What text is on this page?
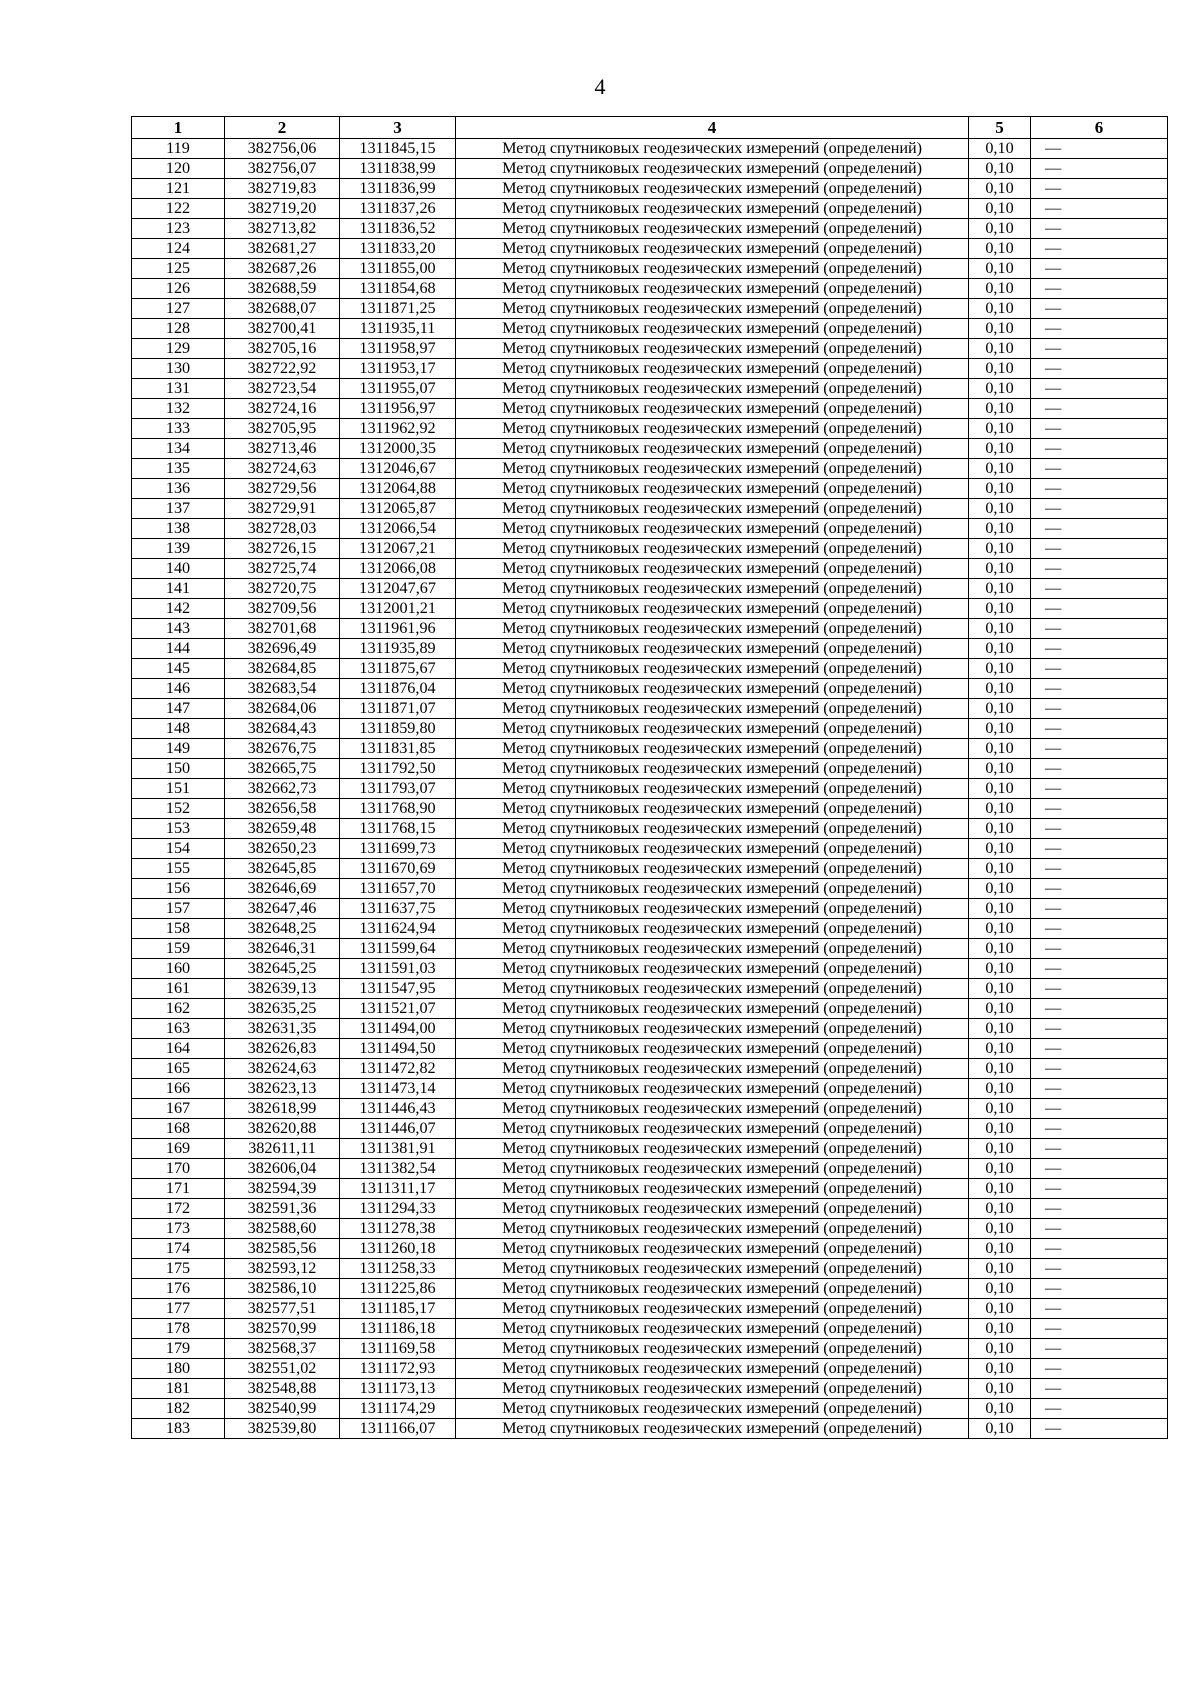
4
1	2	3	4	5	6
119	382756,06	1311845,15	Метод спутниковых геодезических измерений (определений)	0,10	—
120	382756,07	1311838,99	Метод спутниковых геодезических измерений (определений)	0,10	—
121	382719,83	1311836,99	Метод спутниковых геодезических измерений (определений)	0,10	—
122	382719,20	1311837,26	Метод спутниковых геодезических измерений (определений)	0,10	—
123	382713,82	1311836,52	Метод спутниковых геодезических измерений (определений)	0,10	—
124	382681,27	1311833,20	Метод спутниковых геодезических измерений (определений)	0,10	—
125	382687,26	1311855,00	Метод спутниковых геодезических измерений (определений)	0,10	—
126	382688,59	1311854,68	Метод спутниковых геодезических измерений (определений)	0,10	—
127	382688,07	1311871,25	Метод спутниковых геодезических измерений (определений)	0,10	—
128	382700,41	1311935,11	Метод спутниковых геодезических измерений (определений)	0,10	—
129	382705,16	1311958,97	Метод спутниковых геодезических измерений (определений)	0,10	—
130	382722,92	1311953,17	Метод спутниковых геодезических измерений (определений)	0,10	—
131	382723,54	1311955,07	Метод спутниковых геодезических измерений (определений)	0,10	—
132	382724,16	1311956,97	Метод спутниковых геодезических измерений (определений)	0,10	—
133	382705,95	1311962,92	Метод спутниковых геодезических измерений (определений)	0,10	—
134	382713,46	1312000,35	Метод спутниковых геодезических измерений (определений)	0,10	—
135	382724,63	1312046,67	Метод спутниковых геодезических измерений (определений)	0,10	—
136	382729,56	1312064,88	Метод спутниковых геодезических измерений (определений)	0,10	—
137	382729,91	1312065,87	Метод спутниковых геодезических измерений (определений)	0,10	—
138	382728,03	1312066,54	Метод спутниковых геодезических измерений (определений)	0,10	—
139	382726,15	1312067,21	Метод спутниковых геодезических измерений (определений)	0,10	—
140	382725,74	1312066,08	Метод спутниковых геодезических измерений (определений)	0,10	—
141	382720,75	1312047,67	Метод спутниковых геодезических измерений (определений)	0,10	—
142	382709,56	1312001,21	Метод спутниковых геодезических измерений (определений)	0,10	—
143	382701,68	1311961,96	Метод спутниковых геодезических измерений (определений)	0,10	—
144	382696,49	1311935,89	Метод спутниковых геодезических измерений (определений)	0,10	—
145	382684,85	1311875,67	Метод спутниковых геодезических измерений (определений)	0,10	—
146	382683,54	1311876,04	Метод спутниковых геодезических измерений (определений)	0,10	—
147	382684,06	1311871,07	Метод спутниковых геодезических измерений (определений)	0,10	—
148	382684,43	1311859,80	Метод спутниковых геодезических измерений (определений)	0,10	—
149	382676,75	1311831,85	Метод спутниковых геодезических измерений (определений)	0,10	—
150	382665,75	1311792,50	Метод спутниковых геодезических измерений (определений)	0,10	—
151	382662,73	1311793,07	Метод спутниковых геодезических измерений (определений)	0,10	—
152	382656,58	1311768,90	Метод спутниковых геодезических измерений (определений)	0,10	—
153	382659,48	1311768,15	Метод спутниковых геодезических измерений (определений)	0,10	—
154	382650,23	1311699,73	Метод спутниковых геодезических измерений (определений)	0,10	—
155	382645,85	1311670,69	Метод спутниковых геодезических измерений (определений)	0,10	—
156	382646,69	1311657,70	Метод спутниковых геодезических измерений (определений)	0,10	—
157	382647,46	1311637,75	Метод спутниковых геодезических измерений (определений)	0,10	—
158	382648,25	1311624,94	Метод спутниковых геодезических измерений (определений)	0,10	—
159	382646,31	1311599,64	Метод спутниковых геодезических измерений (определений)	0,10	—
160	382645,25	1311591,03	Метод спутниковых геодезических измерений (определений)	0,10	—
161	382639,13	1311547,95	Метод спутниковых геодезических измерений (определений)	0,10	—
162	382635,25	1311521,07	Метод спутниковых геодезических измерений (определений)	0,10	—
163	382631,35	1311494,00	Метод спутниковых геодезических измерений (определений)	0,10	—
164	382626,83	1311494,50	Метод спутниковых геодезических измерений (определений)	0,10	—
165	382624,63	1311472,82	Метод спутниковых геодезических измерений (определений)	0,10	—
166	382623,13	1311473,14	Метод спутниковых геодезических измерений (определений)	0,10	—
167	382618,99	1311446,43	Метод спутниковых геодезических измерений (определений)	0,10	—
168	382620,88	1311446,07	Метод спутниковых геодезических измерений (определений)	0,10	—
169	382611,11	1311381,91	Метод спутниковых геодезических измерений (определений)	0,10	—
170	382606,04	1311382,54	Метод спутниковых геодезических измерений (определений)	0,10	—
171	382594,39	1311311,17	Метод спутниковых геодезических измерений (определений)	0,10	—
172	382591,36	1311294,33	Метод спутниковых геодезических измерений (определений)	0,10	—
173	382588,60	1311278,38	Метод спутниковых геодезических измерений (определений)	0,10	—
174	382585,56	1311260,18	Метод спутниковых геодезических измерений (определений)	0,10	—
175	382593,12	1311258,33	Метод спутниковых геодезических измерений (определений)	0,10	—
176	382586,10	1311225,86	Метод спутниковых геодезических измерений (определений)	0,10	—
177	382577,51	1311185,17	Метод спутниковых геодезических измерений (определений)	0,10	—
178	382570,99	1311186,18	Метод спутниковых геодезических измерений (определений)	0,10	—
179	382568,37	1311169,58	Метод спутниковых геодезических измерений (определений)	0,10	—
180	382551,02	1311172,93	Метод спутниковых геодезических измерений (определений)	0,10	—
181	382548,88	1311173,13	Метод спутниковых геодезических измерений (определений)	0,10	—
182	382540,99	1311174,29	Метод спутниковых геодезических измерений (определений)	0,10	—
183	382539,80	1311166,07	Метод спутниковых геодезических измерений (определений)	0,10	—
